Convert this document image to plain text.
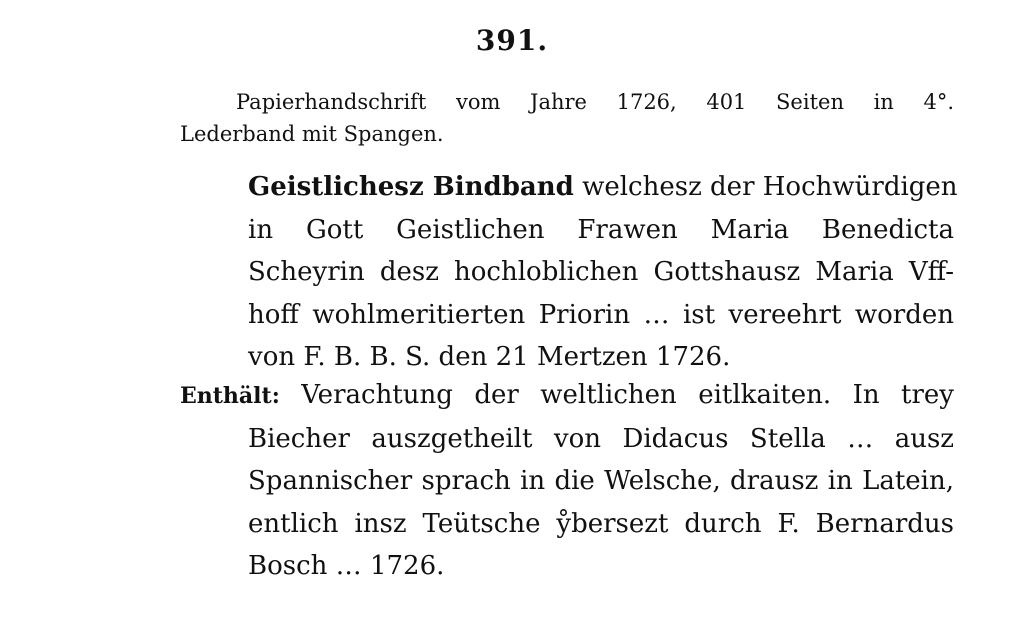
391.
Papierhandschrift vom Jahre 1726, 401 Seiten in 4°.
Lederband mit Spangen.
Geistlichesz Bindband welchesz der Hochwürdigen
in Gott Geistlichen Frawen Maria Benedicta
Scheyrin desz hochloblichen Gottshausz Maria Vff-
hoff wohlmeritierten Priorin … ist vereehrt worden
von F. B. B. S. den 21 Mertzen 1726.
Enthält: Verachtung der weltlichen eitlkaiten. In trey
Biecher auszgetheilt von Didacus Stella … ausz
Spannischer sprach in die Welsche, drausz in Latein,
entlich insz Teütsche ẙbersezt durch F. Bernardus
Bosch … 1726.
